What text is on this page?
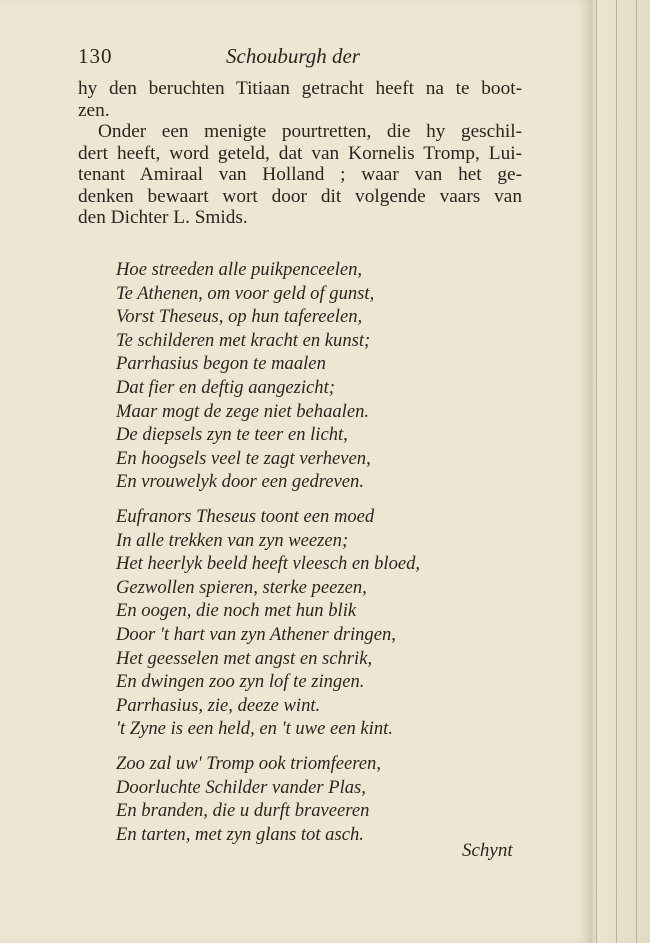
130	Schouburgh der
hy den beruchten Titiaan getracht heeft na te boot-
zen.
Onder een menigte pourtretten, die hy geschil-
dert heeft, word geteld, dat van Kornelis Tromp, Lui-
tenant Amiraal van Holland ; waar van het ge-
denken bewaart wort door dit volgende vaars van
den Dichter L. Smids.
Hoe streeden alle puikpenceelen,
Te Athenen, om voor geld of gunst,
Vorst Theseus, op hun tafereelen,
Te schilderen met kracht en kunst;
Parrhasius begon te maalen
Dat fier en deftig aangezicht;
Maar mogt de zege niet behaalen.
De diepsels zyn te teer en licht,
En hoogsels veel te zagt verheven,
En vrouwelyk door een gedreven.
Eufranors Theseus toont een moed
In alle trekken van zyn weezen;
Het heerlyk beeld heeft vleesch en bloed,
Gezwollen spieren, sterke peezen,
En oogen, die noch met hun blik
Door 't hart van zyn Athener dringen,
Het geesselen met angst en schrik,
En dwingen zoo zyn lof te zingen.
Parrhasius, zie, deeze wint.
't Zyne is een held, en 't uwe een kint.
Zoo zal uw' Tromp ook triomfeeren,
Doorluchte Schilder vander Plas,
En branden, die u durft braveeren
En tarten, met zyn glans tot asch.
Schynt
